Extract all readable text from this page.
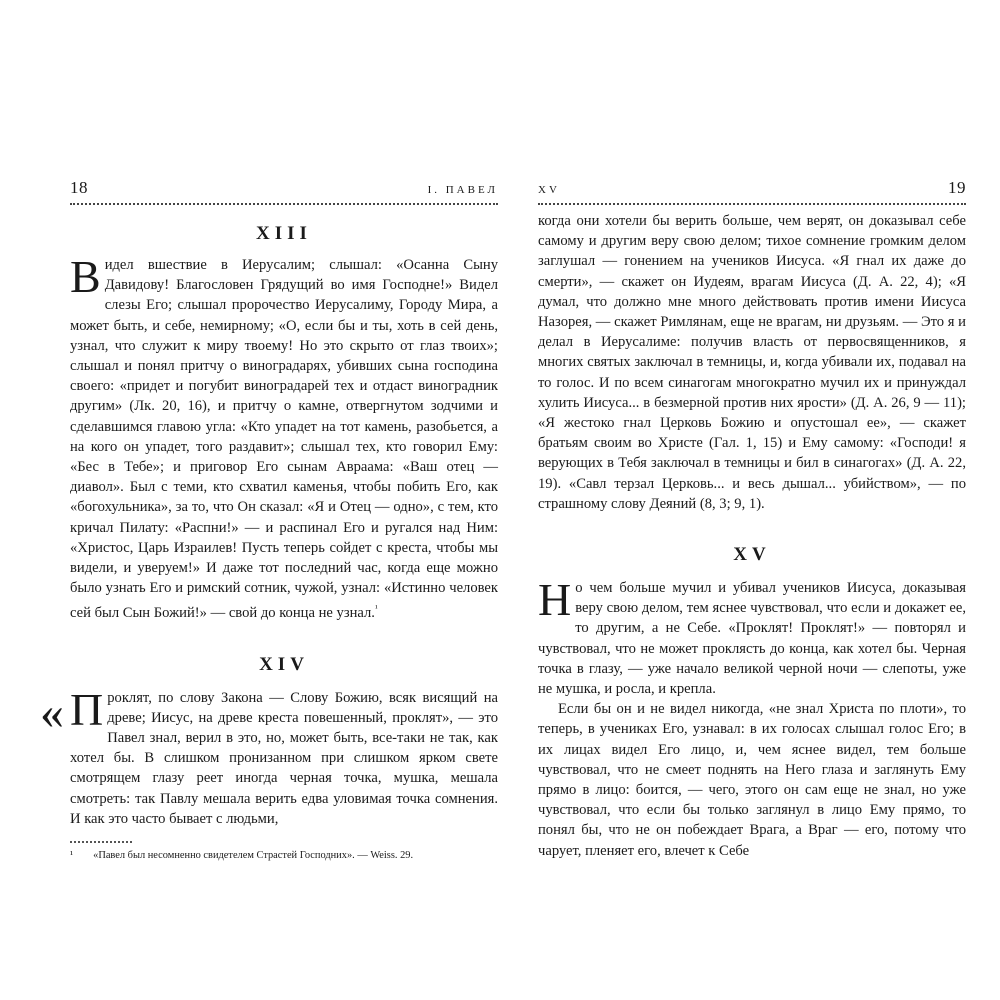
18	I. ПАВЕЛ
XIII

Видел вшествие в Иерусалим; слышал: «Осанна Сыну Давидову! Благословен Грядущий во имя Господне!» Видел слезы Его; слышал пророчество Иерусалиму, Городу Мира, а может быть, и себе, немирному; «О, если бы и ты, хоть в сей день, узнал, что служит к миру твоему! Но это скрыто от глаз твоих»; слышал и понял притчу о виноградарях, убивших сына господина своего: «придет и погубит виноградарей тех и отдаст виноградник другим» (Лк. 20, 16), и притчу о камне, отвергнутом зодчими и сделавшимся главою угла: «Кто упадет на тот камень, разобьется, а на кого он упадет, того раздавит»; слышал тех, кто говорил Ему: «Бес в Тебе»; и приговор Его сынам Авраама: «Ваш отец — диавол». Был с теми, кто схватил каменья, чтобы побить Его, как «богохульника», за то, что Он сказал: «Я и Отец — одно», с тем, кто кричал Пилату: «Распни!» — и распинал Его и ругался над Ним: «Христос, Царь Израилев! Пусть теперь сойдет с креста, чтобы мы видели, и уверуем!» И даже тот последний час, когда еще можно было узнать Его и римский сотник, чужой, узнал: «Истинно человек сей был Сын Божий!» — свой до конца не узнал.$^{^1}$

XIV

« П роклят, по слову Закона — Слову Божию, всяк висящий на древе; Иисус, на древе креста повешенный, проклят», — это Павел знал, верил в это, но, может быть, все-таки не так, как хотел бы. В слишком пронизанном при слишком ярком свете смотрящем глазу реет иногда черная точка, мушка, мешала смотреть: так Павлу мешала верить едва уловимая точка сомнения. И как это часто бывает с людьми,

¹ «Павел был несомненно свидетелем Страстей Господних». — Weiss. 29.
XV	19

когда они хотели бы верить больше, чем верят, он доказывал себе самому и другим веру свою делом; тихое сомнение громким делом заглушал — гонением на учеников Иисуса. «Я гнал их даже до смерти», — скажет он Иудеям, врагам Иисуса (Д. А. 22, 4); «Я думал, что должно мне много действовать против имени Иисуса Назорея, — скажет Римлянам, еще не врагам, ни друзьям. — Это я и делал в Иерусалиме: получив власть от первосвященников, я многих святых заключал в темницы, и, когда убивали их, подавал на то голос. И по всем синагогам многократно мучил их и принуждал хулить Иисуса... в безмерной против них ярости» (Д. А. 26, 9 — 11); «Я жестоко гнал Церковь Божию и опустошал ее», — скажет братьям своим во Христе (Гал. 1, 15) и Ему самому: «Господи! я верующих в Тебя заключал в темницы и бил в синагогах» (Д. А. 22, 19). «Савл терзал Церковь... и весь дышал... убийством», — по страшному слову Деяний (8, 3; 9, 1).

XV

Но чем больше мучил и убивал учеников Иисуса, доказывая веру свою делом, тем яснее чувствовал, что если и докажет ее, то другим, а не Себе. «Проклят! Проклят!» — повторял и чувствовал, что не может проклясть до конца, как хотел бы. Черная точка в глазу, — уже начало великой черной ночи — слепоты, уже не мушка, и росла, и крепла.

Если бы он и не видел никогда, «не знал Христа по плоти», то теперь, в учениках Его, узнавал: в их голосах слышал голос Его; в их лицах видел Его лицо, и, чем яснее видел, тем больше чувствовал, что не смеет поднять на Него глаза и заглянуть Ему прямо в лицо: боится, — чего, этого он сам еще не знал, но уже чувствовал, что если бы только заглянул в лицо Ему прямо, то понял бы, что не он побеждает Врага, а Враг — его, потому что чарует, пленяет его, влечет к Себе
